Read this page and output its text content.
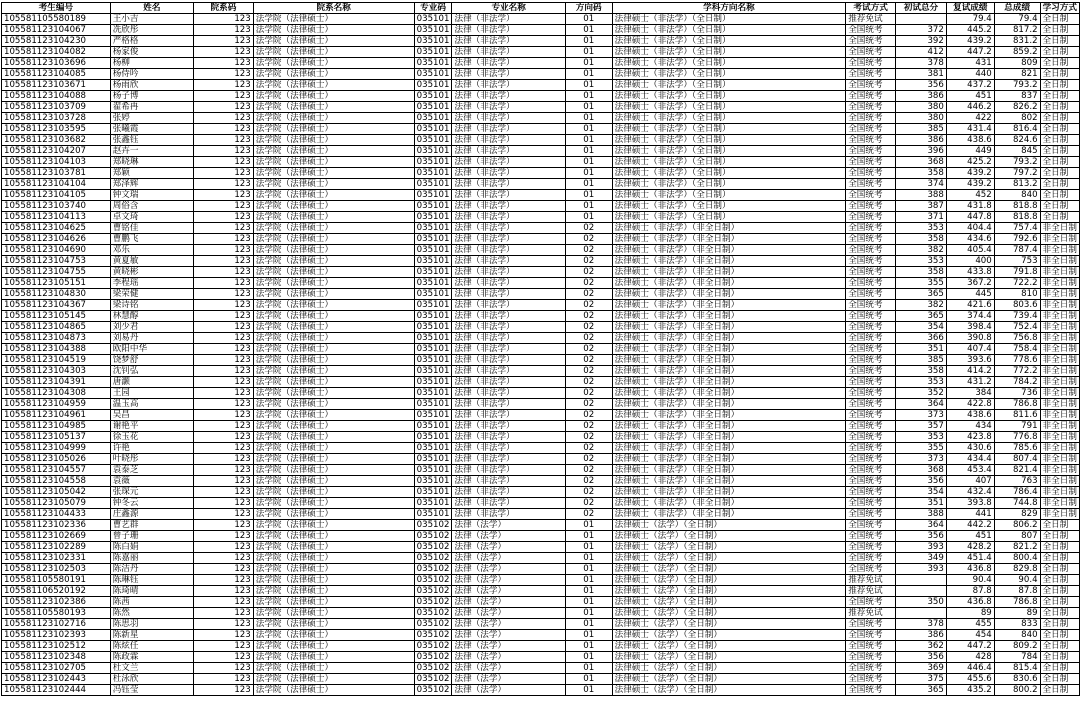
考生编号	姓名	院系码	院系名称	专业码	专业名称	方向码	学科方向名称	考试方式	初试总分	复试成绩	总成绩	学习方式
105581105580189	王小吉	123	法学院（法律硕士）	035101	法律（非法学）	01	法律硕士（非法学）（全日制）	推荐免试		79.4	79.4	全日制
105581123104067	冼欣彤	123	法学院（法律硕士）	035101	法律（非法学）	01	法律硕士（非法学）（全日制）	全国统考	372	445.2	817.2	全日制
105581123104230	严格格	123	法学院（法律硕士）	035101	法律（非法学）	01	法律硕士（非法学）（全日制）	全国统考	392	439.2	831.2	全日制
105581123104082	杨家俊	123	法学院（法律硕士）	035101	法律（非法学）	01	法律硕士（非法学）（全日制）	全国统考	412	447.2	859.2	全日制
105581123103696	杨柳	123	法学院（法律硕士）	035101	法律（非法学）	01	法律硕士（非法学）（全日制）	全国统考	378	431	809	全日制
105581123104085	杨侍吟	123	法学院（法律硕士）	035101	法律（非法学）	01	法律硕士（非法学）（全日制）	全国统考	381	440	821	全日制
105581123103671	杨雨欣	123	法学院（法律硕士）	035101	法律（非法学）	01	法律硕士（非法学）（全日制）	全国统考	356	437.2	793.2	全日制
105581123104088	杨子博	123	法学院（法律硕士）	035101	法律（非法学）	01	法律硕士（非法学）（全日制）	全国统考	386	451	837	全日制
105581123103709	翟希冉	123	法学院（法律硕士）	035101	法律（非法学）	01	法律硕士（非法学）（全日制）	全国统考	380	446.2	826.2	全日制
105581123103728	张婷	123	法学院（法律硕士）	035101	法律（非法学）	01	法律硕士（非法学）（全日制）	全国统考	380	422	802	全日制
105581123103595	张曦霞	123	法学院（法律硕士）	035101	法律（非法学）	01	法律硕士（非法学）（全日制）	全国统考	385	431.4	816.4	全日制
105581123103682	张鑫钰	123	法学院（法律硕士）	035101	法律（非法学）	01	法律硕士（非法学）（全日制）	全国统考	386	438.6	824.6	全日制
105581123104207	赵卉一	123	法学院（法律硕士）	035101	法律（非法学）	01	法律硕士（非法学）（全日制）	全国统考	396	449	845	全日制
105581123104103	郑晓琳	123	法学院（法律硕士）	035101	法律（非法学）	01	法律硕士（非法学）（全日制）	全国统考	368	425.2	793.2	全日制
105581123103781	郑颖	123	法学院（法律硕士）	035101	法律（非法学）	01	法律硕士（非法学）（全日制）	全国统考	358	439.2	797.2	全日制
105581123104104	郑泽辉	123	法学院（法律硕士）	035101	法律（非法学）	01	法律硕士（非法学）（全日制）	全国统考	374	439.2	813.2	全日制
105581123104105	钟文瑞	123	法学院（法律硕士）	035101	法律（非法学）	01	法律硕士（非法学）（全日制）	全国统考	388	452	840	全日制
105581123103740	周俗含	123	法学院（法律硕士）	035101	法律（非法学）	01	法律硕士（非法学）（全日制）	全国统考	387	431.8	818.8	全日制
105581123104113	卓文琦	123	法学院（法律硕士）	035101	法律（非法学）	01	法律硕士（非法学）（全日制）	全国统考	371	447.8	818.8	全日制
105581123104625	曹铭佳	123	法学院（法律硕士）	035101	法律（非法学）	02	法律硕士（非法学）（非全日制）	全国统考	353	404.4	757.4	非全日制
105581123104626	曹鹏飞	123	法学院（法律硕士）	035101	法律（非法学）	02	法律硕士（非法学）（非全日制）	全国统考	358	434.6	792.6	非全日制
105581123104690	邓乐	123	法学院（法律硕士）	035101	法律（非法学）	02	法律硕士（非法学）（非全日制）	全国统考	382	405.4	787.4	非全日制
105581123104753	黄夏敏	123	法学院（法律硕士）	035101	法律（非法学）	02	法律硕士（非法学）（非全日制）	全国统考	353	400	753	非全日制
105581123104755	黄晓彬	123	法学院（法律硕士）	035101	法律（非法学）	02	法律硕士（非法学）（非全日制）	全国统考	358	433.8	791.8	非全日制
105581123105151	李程瑶	123	法学院（法律硕士）	035101	法律（非法学）	02	法律硕士（非法学）（非全日制）	全国统考	355	367.2	722.2	非全日制
105581123104830	梁荣健	123	法学院（法律硕士）	035101	法律（非法学）	02	法律硕士（非法学）（非全日制）	全国统考	365	445	810	非全日制
105581123104367	梁诗铭	123	法学院（法律硕士）	035101	法律（非法学）	02	法律硕士（非法学）（非全日制）	全国统考	382	421.6	803.6	非全日制
105581123105145	林慧醇	123	法学院（法律硕士）	035101	法律（非法学）	02	法律硕士（非法学）（非全日制）	全国统考	365	374.4	739.4	非全日制
105581123104865	刘少君	123	法学院（法律硕士）	035101	法律（非法学）	02	法律硕士（非法学）（非全日制）	全国统考	354	398.4	752.4	非全日制
105581123104873	刘易丹	123	法学院（法律硕士）	035101	法律（非法学）	02	法律硕士（非法学）（非全日制）	全国统考	366	390.8	756.8	非全日制
105581123104388	欧阳中华	123	法学院（法律硕士）	035101	法律（非法学）	02	法律硕士（非法学）（非全日制）	全国统考	351	407.4	758.4	非全日制
105581123104519	饶梦舒	123	法学院（法律硕士）	035101	法律（非法学）	02	法律硕士（非法学）（非全日制）	全国统考	385	393.6	778.6	非全日制
105581123104303	沈钊弘	123	法学院（法律硕士）	035101	法律（非法学）	02	法律硕士（非法学）（非全日制）	全国统考	358	414.2	772.2	非全日制
105581123104391	唐灏	123	法学院（法律硕士）	035101	法律（非法学）	02	法律硕士（非法学）（非全日制）	全国统考	353	431.2	784.2	非全日制
105581123104308	王园	123	法学院（法律硕士）	035101	法律（非法学）	02	法律硕士（非法学）（非全日制）	全国统考	352	384	736	非全日制
105581123104959	温玉高	123	法学院（法律硕士）	035101	法律（非法学）	02	法律硕士（非法学）（非全日制）	全国统考	364	422.8	786.8	非全日制
105581123104961	吴昌	123	法学院（法律硕士）	035101	法律（非法学）	02	法律硕士（非法学）（非全日制）	全国统考	373	438.6	811.6	非全日制
105581123104985	谢艳平	123	法学院（法律硕士）	035101	法律（非法学）	02	法律硕士（非法学）（非全日制）	全国统考	357	434	791	非全日制
105581123105137	徐玉花	123	法学院（法律硕士）	035101	法律（非法学）	02	法律硕士（非法学）（非全日制）	全国统考	353	423.8	776.8	非全日制
105581123104999	许艳	123	法学院（法律硕士）	035101	法律（非法学）	02	法律硕士（非法学）（非全日制）	全国统考	355	430.6	785.6	非全日制
105581123105026	叶晓彤	123	法学院（法律硕士）	035101	法律（非法学）	02	法律硕士（非法学）（非全日制）	全国统考	373	434.4	807.4	非全日制
105581123104557	袁泰芝	123	法学院（法律硕士）	035101	法律（非法学）	02	法律硕士（非法学）（非全日制）	全国统考	368	453.4	821.4	非全日制
105581123104558	袁薇	123	法学院（法律硕士）	035101	法律（非法学）	02	法律硕士（非法学）（非全日制）	全国统考	356	407	763	非全日制
105581123105042	张琛元	123	法学院（法律硕士）	035101	法律（非法学）	02	法律硕士（非法学）（非全日制）	全国统考	354	432.4	786.4	非全日制
105581123105079	钟冬云	123	法学院（法律硕士）	035101	法律（非法学）	02	法律硕士（非法学）（非全日制）	全国统考	351	393.8	744.8	非全日制
105581123104433	庄鑫源	123	法学院（法律硕士）	035101	法律（非法学）	02	法律硕士（非法学）（非全日制）	全国统考	388	441	829	非全日制
105581123102336	曹艺群	123	法学院（法律硕士）	035102	法律（法学）	01	法律硕士（法学）（全日制）	全国统考	364	442.2	806.2	全日制
105581123102669	曾子珊	123	法学院（法律硕士）	035102	法律（法学）	01	法律硕士（法学）（全日制）	全国统考	356	451	807	全日制
105581123102289	陈白娟	123	法学院（法律硕士）	035102	法律（法学）	01	法律硕士（法学）（全日制）	全国统考	393	428.2	821.2	全日制
105581123102331	陈嘉丽	123	法学院（法律硕士）	035102	法律（法学）	01	法律硕士（法学）（全日制）	全国统考	349	451.4	800.4	全日制
105581123102503	陈洁丹	123	法学院（法律硕士）	035102	法律（法学）	01	法律硕士（法学）（全日制）	全国统考	393	436.8	829.8	全日制
105581105580191	陈琳钰	123	法学院（法律硕士）	035102	法律（法学）	01	法律硕士（法学）（全日制）	推荐免试		90.4	90.4	全日制
105581106520192	陈琦晴	123	法学院（法律硕士）	035102	法律（法学）	01	法律硕士（法学）（全日制）	推荐免试		87.8	87.8	全日制
105581123102386	陈茜	123	法学院（法律硕士）	035102	法律（法学）	01	法律硕士（法学）（全日制）	全国统考	350	436.8	786.8	全日制
105581105580193	陈然	123	法学院（法律硕士）	035102	法律（法学）	01	法律硕士（法学）（全日制）	推荐免试		89	89	全日制
105581123102716	陈思羽	123	法学院（法律硕士）	035102	法律（法学）	01	法律硕士（法学）（全日制）	全国统考	378	455	833	全日制
105581123102393	陈新星	123	法学院（法律硕士）	035102	法律（法学）	01	法律硕士（法学）（全日制）	全国统考	386	454	840	全日制
105581123102512	陈炫任	123	法学院（法律硕士）	035102	法律（法学）	01	法律硕士（法学）（全日制）	全国统考	362	447.2	809.2	全日制
105581123102348	陈政霖	123	法学院（法律硕士）	035102	法律（法学）	01	法律硕士（法学）（全日制）	全国统考	356	428	784	全日制
105581123102705	杜文兰	123	法学院（法律硕士）	035102	法律（法学）	01	法律硕士（法学）（全日制）	全国统考	369	446.4	815.4	全日制
105581123102443	杜泳欣	123	法学院（法律硕士）	035102	法律（法学）	01	法律硕士（法学）（全日制）	全国统考	375	455.6	830.6	全日制
105581123102444	冯钰莹	123	法学院（法律硕士）	035102	法律（法学）	01	法律硕士（法学）（全日制）	全国统考	365	435.2	800.2	全日制
